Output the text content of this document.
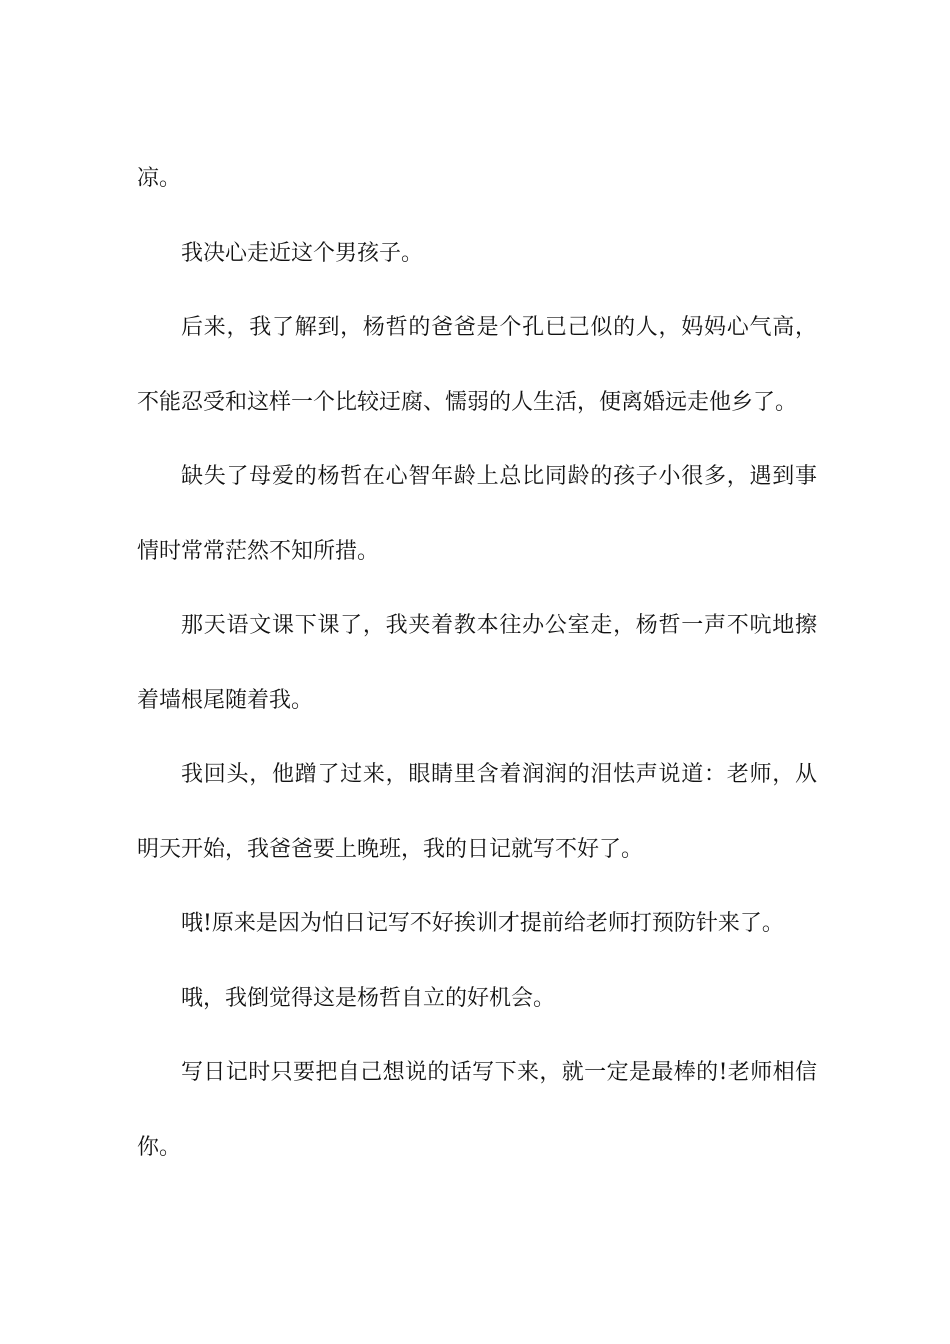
凉。

我决心走近这个男孩子。

后来，我了解到，杨哲的爸爸是个孔已己似的人，妈妈心气高，不能忍受和这样一个比较迂腐、懦弱的人生活，便离婚远走他乡了。

缺失了母爱的杨哲在心智年龄上总比同龄的孩子小很多，遇到事情时常常茫然不知所措。

那天语文课下课了，我夹着教本往办公室走，杨哲一声不吭地擦着墙根尾随着我。

我回头，他蹭了过来，眼睛里含着润润的泪怯声说道：老师，从明天开始，我爸爸要上晚班，我的日记就写不好了。

哦!原来是因为怕日记写不好挨训才提前给老师打预防针来了。

哦，我倒觉得这是杨哲自立的好机会。

写日记时只要把自己想说的话写下来，就一定是最棒的!老师相信你。
